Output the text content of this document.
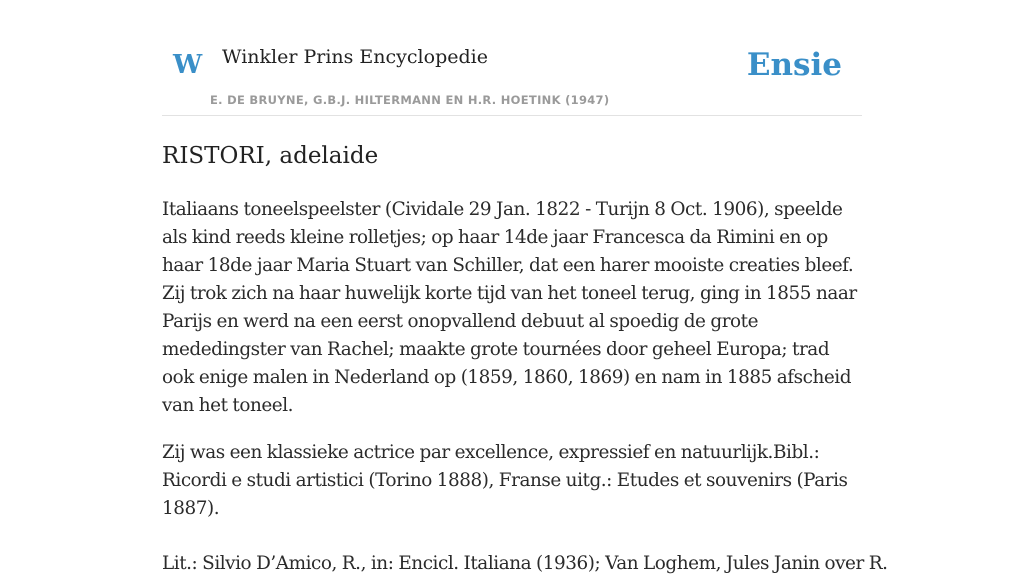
W Winkler Prins Encyclopedie
E. DE BRUYNE, G.B.J. HILTERMANN EN H.R. HOETINK (1947)
Ensie
RISTORI, adelaide

Italiaans toneelspeelster (Cividale 29 Jan. 1822 - Turijn 8 Oct. 1906), speelde als kind reeds kleine rolletjes; op haar 14de jaar Francesca da Rimini en op haar 18de jaar Maria Stuart van Schiller, dat een harer mooiste creaties bleef. Zij trok zich na haar huwelijk korte tijd van het toneel terug, ging in 1855 naar Parijs en werd na een eerst onopvallend debuut al spoedig de grote mededingster van Rachel; maakte grote tournées door geheel Europa; trad ook enige malen in Nederland op (1859, 1860, 1869) en nam in 1885 afscheid van het toneel.

Zij was een klassieke actrice par excellence, expressief en natuurlijk.Bibl.: Ricordi e studi artistici (Torino 1888), Franse uitg.: Etudes et souvenirs (Paris 1887).

Lit.: Silvio D’Amico, R., in: Encicl. Italiana (1936); Van Loghem, Jules Janin over R.
